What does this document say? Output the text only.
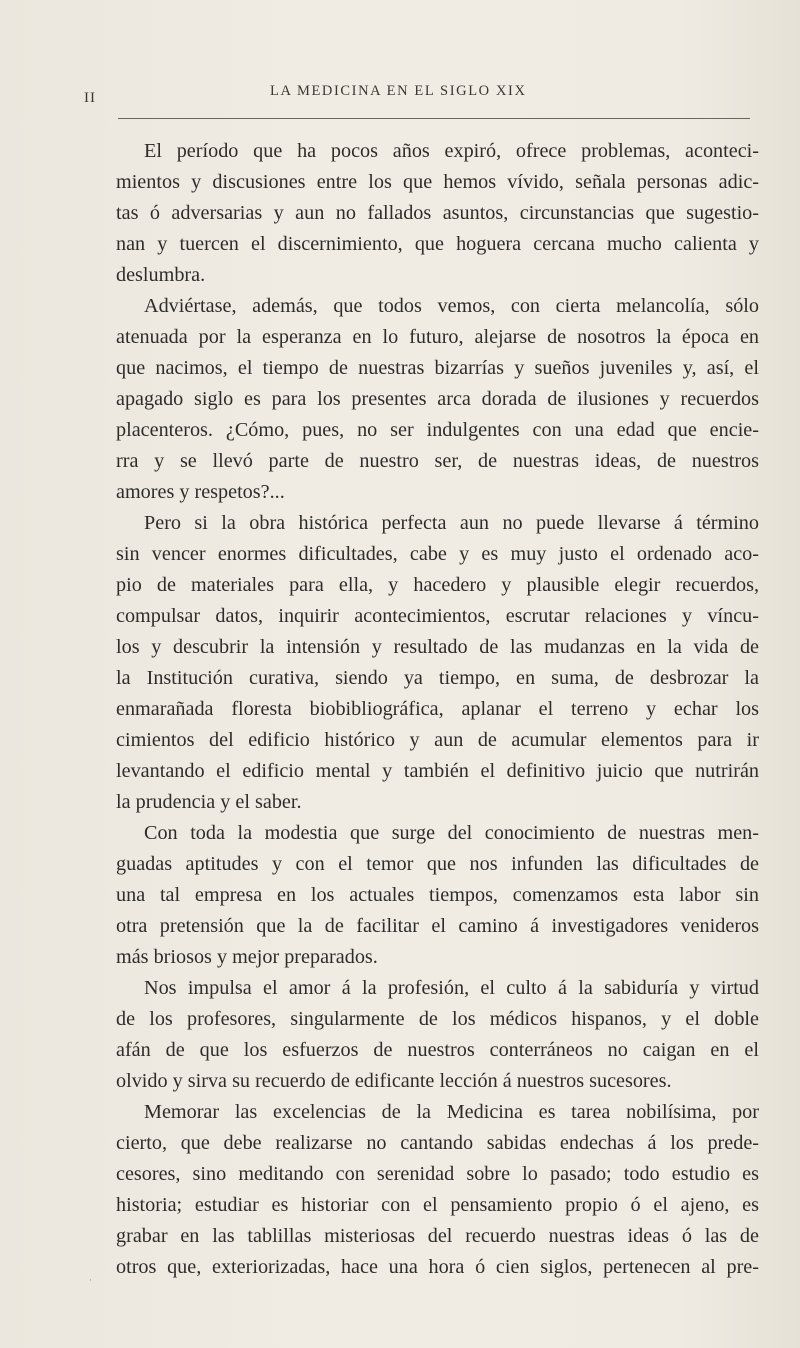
II	LA MEDICINA EN EL SIGLO XIX

El período que ha pocos años expiró, ofrece problemas, aconteci-
mientos y discusiones entre los que hemos vívido, señala personas adic-
tas ó adversarias y aun no fallados asuntos, circunstancias que sugestio-
nan y tuercen el discernimiento, que hoguera cercana mucho calienta y
deslumbra.

Adviértase, además, que todos vemos, con cierta melancolía, sólo
atenuada por la esperanza en lo futuro, alejarse de nosotros la época en
que nacimos, el tiempo de nuestras bizarrías y sueños juveniles y, así, el
apagado siglo es para los presentes arca dorada de ilusiones y recuerdos
placenteros. ¿Cómo, pues, no ser indulgentes con una edad que encie-
rra y se llevó parte de nuestro ser, de nuestras ideas, de nuestros
amores y respetos?...

Pero si la obra histórica perfecta aun no puede llevarse á término
sin vencer enormes dificultades, cabe y es muy justo el ordenado aco-
pio de materiales para ella, y hacedero y plausible elegir recuerdos,
compulsar datos, inquirir acontecimientos, escrutar relaciones y víncu-
los y descubrir la intensión y resultado de las mudanzas en la vida de
la Institución curativa, siendo ya tiempo, en suma, de desbrozar la
enmarañada floresta biobibliográfica, aplanar el terreno y echar los
cimientos del edificio histórico y aun de acumular elementos para ir
levantando el edificio mental y también el definitivo juicio que nutrirán
la prudencia y el saber.

Con toda la modestia que surge del conocimiento de nuestras men-
guadas aptitudes y con el temor que nos infunden las dificultades de
una tal empresa en los actuales tiempos, comenzamos esta labor sin
otra pretensión que la de facilitar el camino á investigadores venideros
más briosos y mejor preparados.

Nos impulsa el amor á la profesión, el culto á la sabiduría y virtud
de los profesores, singularmente de los médicos hispanos, y el doble
afán de que los esfuerzos de nuestros conterráneos no caigan en el
olvido y sirva su recuerdo de edificante lección á nuestros sucesores.

Memorar las excelencias de la Medicina es tarea nobilísima, por
cierto, que debe realizarse no cantando sabidas endechas á los prede-
cesores, sino meditando con serenidad sobre lo pasado; todo estudio es
historia; estudiar es historiar con el pensamiento propio ó el ajeno, es
grabar en las tablillas misteriosas del recuerdo nuestras ideas ó las de
otros que, exteriorizadas, hace una hora ó cien siglos, pertenecen al pre-

·
